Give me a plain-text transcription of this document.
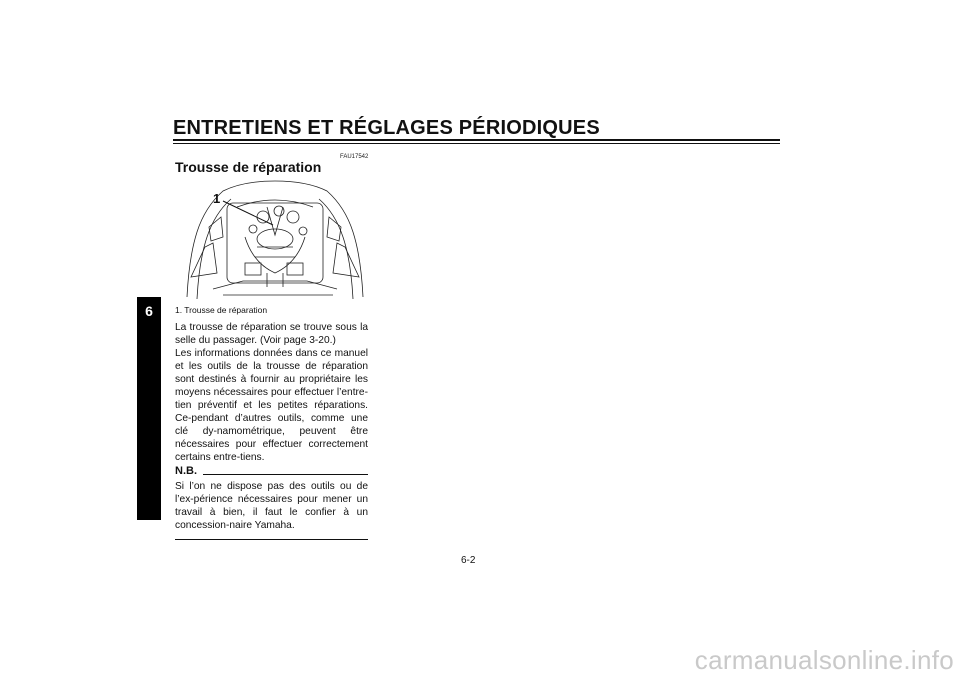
ENTRETIENS ET RÉGLAGES PÉRIODIQUES
6
FAU17542
Trousse de réparation
1
1. Trousse de réparation

La trousse de réparation se trouve sous la selle du passager. (Voir page 3-20.)

Les informations données dans ce manuel et les outils de la trousse de réparation sont destinés à fournir au propriétaire les moyens nécessaires pour effectuer l’entre-tien préventif et les petites réparations. Ce-pendant d’autres outils, comme une clé dy-namométrique, peuvent être nécessaires pour effectuer correctement certains entre-tiens.

N.B.

Si l’on ne dispose pas des outils ou de l’ex-périence nécessaires pour mener un travail à bien, il faut le confier à un concession-naire Yamaha.

6-2
carmanualsonline.info
